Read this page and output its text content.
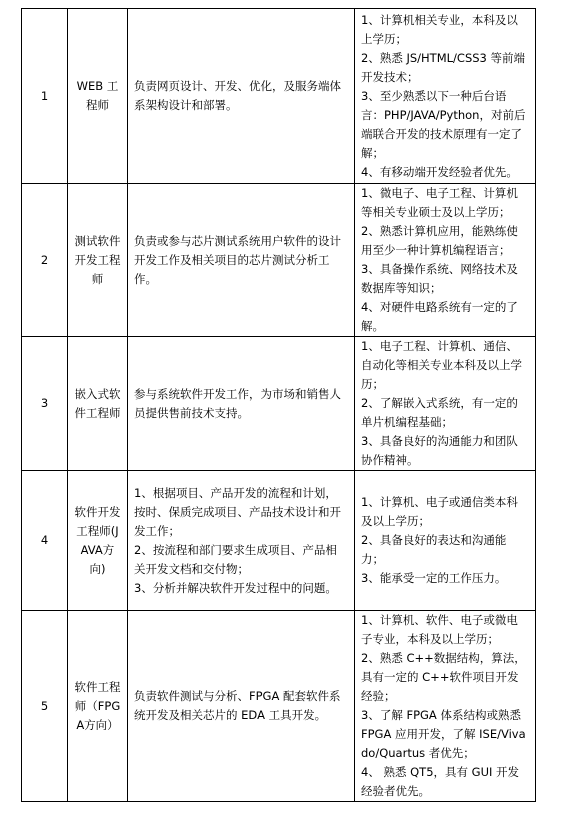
1	WEB 工程师	负责网页设计、开发、优化，及服务端体系架构设计和部署。	1、计算机相关专业，本科及以上学历；
2、熟悉 JS/HTML/CSS3 等前端开发技术；
3、至少熟悉以下一种后台语言：PHP/JAVA/Python，对前后端联合开发的技术原理有一定了解；
4、有移动端开发经验者优先。

2	测试软件开发工程师	负责或参与芯片测试系统用户软件的设计开发工作及相关项目的芯片测试分析工作。	1、微电子、电子工程、计算机等相关专业硕士及以上学历；
2、熟悉计算机应用，能熟练使用至少一种计算机编程语言；
3、具备操作系统、网络技术及数据库等知识；
4、对硬件电路系统有一定的了解。

3	嵌入式软件工程师	参与系统软件开发工作，为市场和销售人员提供售前技术支持。	1、电子工程、计算机、通信、自动化等相关专业本科及以上学历；
2、了解嵌入式系统，有一定的单片机编程基础；
3、具备良好的沟通能力和团队协作精神。

4	软件开发工程师(JAVA方向)	1、根据项目、产品开发的流程和计划，按时、保质完成项目、产品技术设计和开发工作；
2、按流程和部门要求生成项目、产品相关开发文档和交付物；
3、分析并解决软件开发过程中的问题。	1、计算机、电子或通信类本科及以上学历；
2、具备良好的表达和沟通能力；
3、能承受一定的工作压力。

5	软件工程师（FPGA方向）	负责软件测试与分析、FPGA 配套软件系统开发及相关芯片的 EDA 工具开发。	1、计算机、软件、电子或微电子专业，本科及以上学历；
2、熟悉 C++数据结构，算法，具有一定的 C++软件项目开发经验；
3、了解 FPGA 体系结构或熟悉 FPGA 应用开发，了解 ISE/Vivado/Quartus 者优先；
4、 熟悉 QT5，具有 GUI 开发经验者优先。
